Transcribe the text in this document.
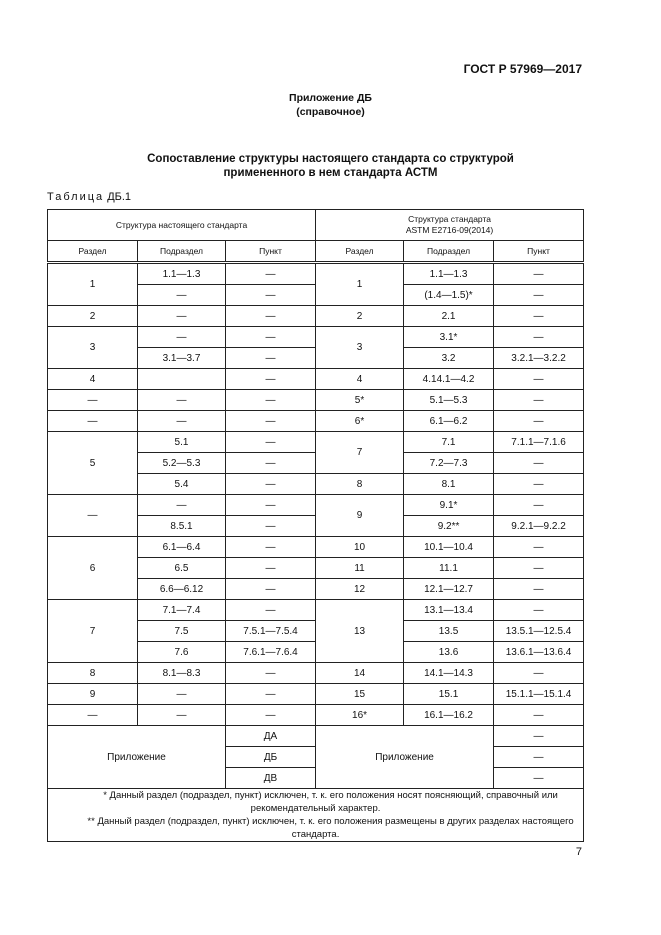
ГОСТ Р 57969—2017
Приложение ДБ
(справочное)
Сопоставление структуры настоящего стандарта со структурой
примененного в нем стандарта АСТМ
Таблица ДБ.1
Структура настоящего стандарта			Структура стандарта
ASTM E2716-09(2014)		

Раздел	Подраздел	Пункт	Раздел	Подраздел	Пункт
1	1.1—1.3	—	1	1.1—1.3	—
	—	—		(1.4—1.5)*	—
2	—	—	2	2.1	—
3	—	—	3	3.1*	—
	3.1—3.7	—		3.2	3.2.1—3.2.2
4		—	4	4.14.1—4.2	—
—	—	—	5*	5.1—5.3	—
—	—	—	6*	6.1—6.2	—
5	5.1	—	7	7.1	7.1.1—7.1.6
	5.2—5.3	—		7.2—7.3	—
	5.4	—	8	8.1	—
—	—	—	9	9.1*	—
	8.5.1	—		9.2**	9.2.1—9.2.2
6	6.1—6.4	—	10	10.1—10.4	—
	6.5	—	11	11.1	—
	6.6—6.12	—	12	12.1—12.7	—
7	7.1—7.4	—	13	13.1—13.4	—
	7.5	7.5.1—7.5.4		13.5	13.5.1—12.5.4
	7.6	7.6.1—7.6.4		13.6	13.6.1—13.6.4
8	8.1—8.3	—	14	14.1—14.3	—
9	—	—	15	15.1	15.1.1—15.1.4
—	—	—	16*	16.1—16.2	—
Приложение		ДА	Приложение		—
		ДБ			—
		ДВ			—

* Данный раздел (подраздел, пункт) исключен, т. к. его положения носят поясняющий, справочный или рекомендательный характер.

** Данный раздел (подраздел, пункт) исключен, т. к. его положения размещены в других разделах настоящего стандарта.					

7
